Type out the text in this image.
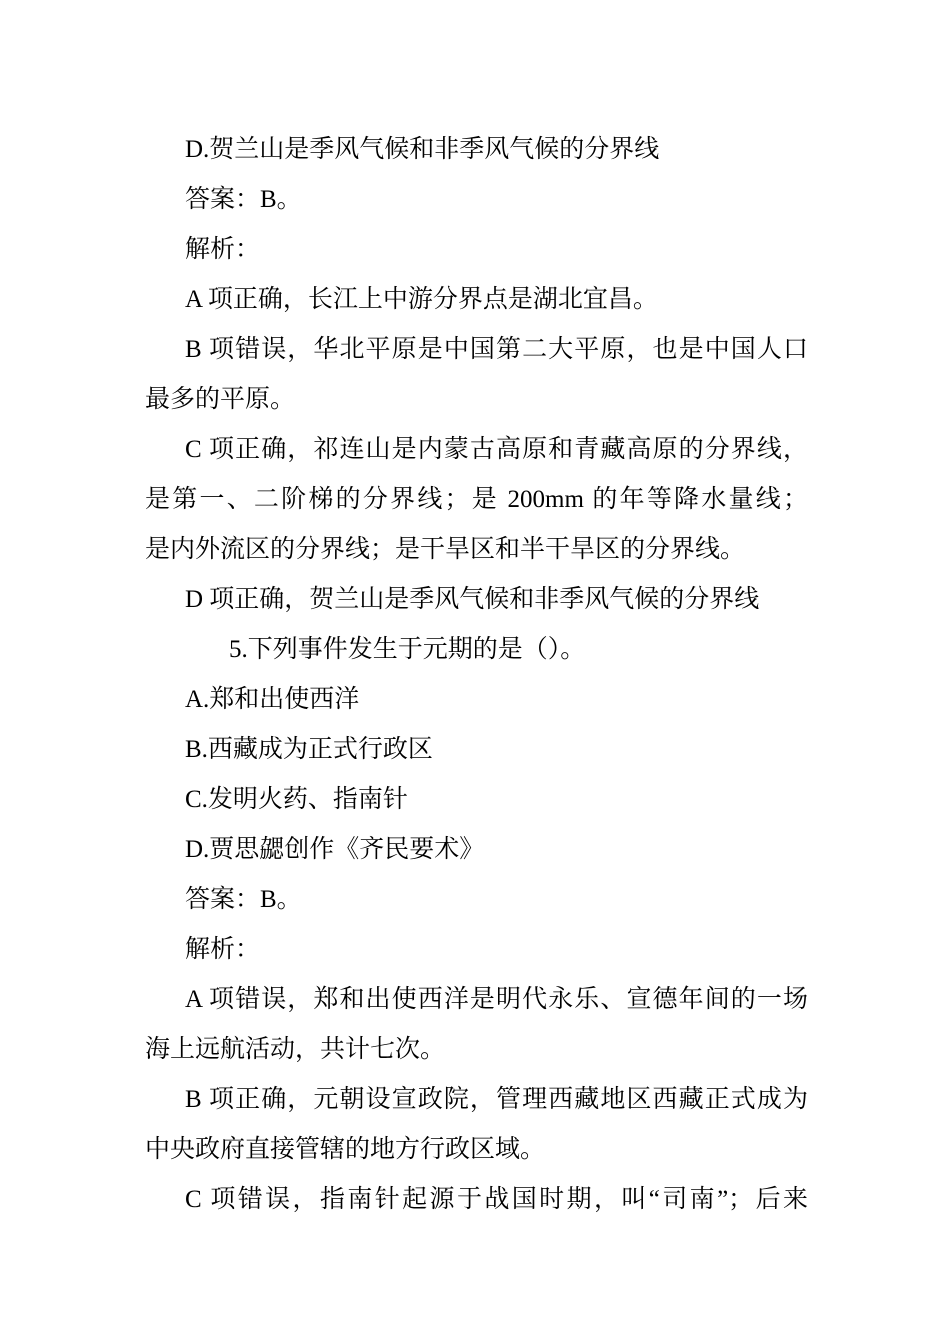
D.贺兰山是季风气候和非季风气候的分界线
答案：B。
解析：
A 项正确，长江上中游分界点是湖北宜昌。
B 项错误，华北平原是中国第二大平原，也是中国人口
最多的平原。
C 项正确，祁连山是内蒙古高原和青藏高原的分界线，
是第一、二阶梯的分界线；是 200mm 的年等降水量线；
是内外流区的分界线；是干旱区和半干旱区的分界线。
D 项正确，贺兰山是季风气候和非季风气候的分界线
5.下列事件发生于元期的是（）。
A.郑和出使西洋
B.西藏成为正式行政区
C.发明火药、指南针
D.贾思勰创作《齐民要术》
答案：B。
解析：
A 项错误，郑和出使西洋是明代永乐、宣德年间的一场
海上远航活动，共计七次。
B 项正确，元朝设宣政院，管理西藏地区西藏正式成为
中央政府直接管辖的地方行政区域。
C 项错误，指南针起源于战国时期，叫“司南”；后来
